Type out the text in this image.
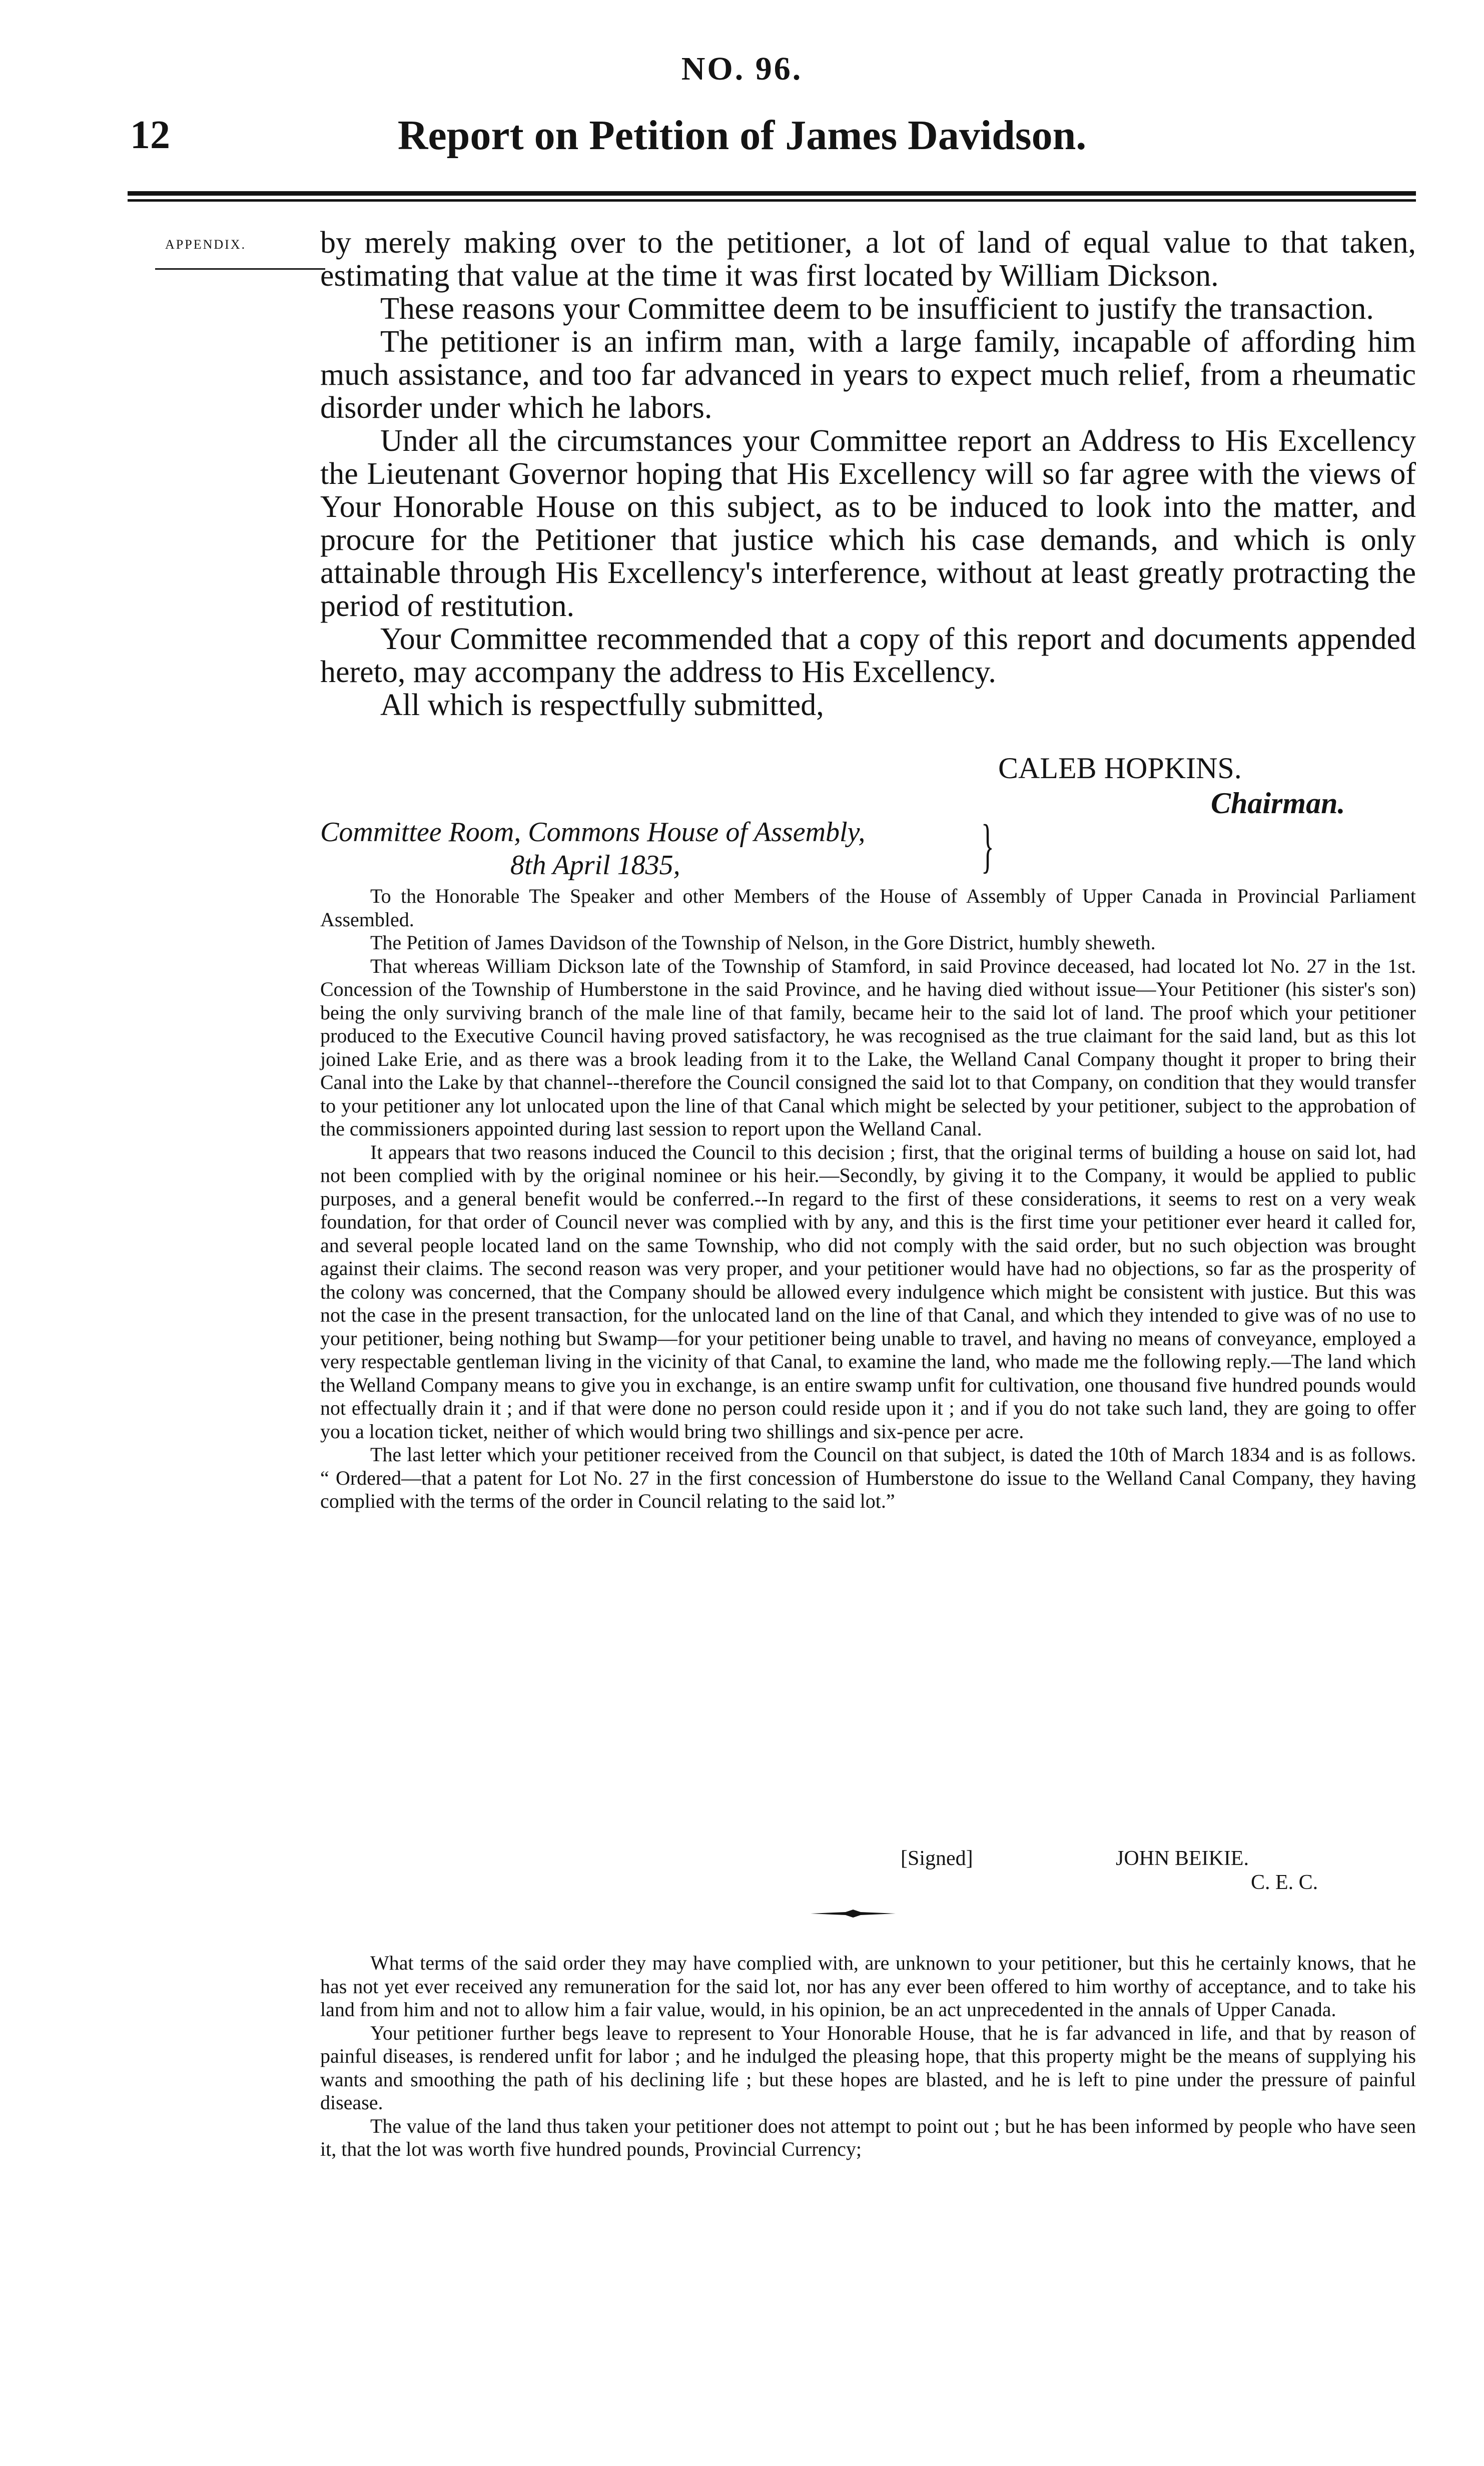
NO. 96.
12	Report on Petition of James Davidson.
APPENDIX. by merely making over to the petitioner, a lot of land of equal value to that taken, estimating that value at the time it was first located by William Dickson.

These reasons your Committee deem to be insufficient to justify the transaction.

The petitioner is an infirm man, with a large family, incapable of affording him much assistance, and too far advanced in years to expect much relief, from a rheumatic disorder under which he labors.

Under all the circumstances your Committee report an Address to His Excellency the Lieutenant Governor hoping that His Excellency will so far agree with the views of Your Honorable House on this subject, as to be induced to look into the matter, and procure for the Petitioner that justice which his case demands, and which is only attainable through His Excellency's interference, without at least greatly protracting the period of restitution.

Your Committee recommended that a copy of this report and documents appended hereto, may accompany the address to His Excellency.

All which is respectfully submitted,

CALEB HOPKINS.
Chairman.
Committee Room, Commons House of Assembly,
8th April 1835,	}

To the Honorable The Speaker and other Members of the House of Assembly of Upper Canada in Provincial Parliament Assembled.

The Petition of James Davidson of the Township of Nelson, in the Gore District, humbly sheweth.

That whereas William Dickson late of the Township of Stamford, in said Province deceased, had located lot No. 27 in the 1st. Concession of the Township of Humberstone in the said Province, and he having died without issue—Your Petitioner (his sister's son) being the only surviving branch of the male line of that family, became heir to the said lot of land. The proof which your petitioner produced to the Executive Council having proved satisfactory, he was recognised as the true claimant for the said land, but as this lot joined Lake Erie, and as there was a brook leading from it to the Lake, the Welland Canal Company thought it proper to bring their Canal into the Lake by that channel--therefore the Council consigned the said lot to that Company, on condition that they would transfer to your petitioner any lot unlocated upon the line of that Canal which might be selected by your petitioner, subject to the approbation of the commissioners appointed during last session to report upon the Welland Canal.

It appears that two reasons induced the Council to this decision ; first, that the original terms of building a house on said lot, had not been complied with by the original nominee or his heir.—Secondly, by giving it to the Company, it would be applied to public purposes, and a general benefit would be conferred.--In regard to the first of these considerations, it seems to rest on a very weak foundation, for that order of Council never was complied with by any, and this is the first time your petitioner ever heard it called for, and several people located land on the same Township, who did not comply with the said order, but no such objection was brought against their claims. The second reason was very proper, and your petitioner would have had no objections, so far as the prosperity of the colony was concerned, that the Company should be allowed every indulgence which might be consistent with justice. But this was not the case in the present transaction, for the unlocated land on the line of that Canal, and which they intended to give was of no use to your petitioner, being nothing but Swamp—for your petitioner being unable to travel, and having no means of conveyance, employed a very respectable gentleman living in the vicinity of that Canal, to examine the land, who made me the following reply.—The land which the Welland Company means to give you in exchange, is an entire swamp unfit for cultivation, one thousand five hundred pounds would not effectually drain it ; and if that were done no person could reside upon it ; and if you do not take such land, they are going to offer you a location ticket, neither of which would bring two shillings and six-pence per acre.

The last letter which your petitioner received from the Council on that subject, is dated the 10th of March 1834 and is as follows. “ Ordered—that a patent for Lot No. 27 in the first concession of Humberstone do issue to the Welland Canal Company, they having complied with the terms of the order in Council relating to the said lot.”

[Signed]	JOHN BEIKIE.
C. E. C.

What terms of the said order they may have complied with, are unknown to your petitioner, but this he certainly knows, that he has not yet ever received any remuneration for the said lot, nor has any ever been offered to him worthy of acceptance, and to take his land from him and not to allow him a fair value, would, in his opinion, be an act unprecedented in the annals of Upper Canada.

Your petitioner further begs leave to represent to Your Honorable House, that he is far advanced in life, and that by reason of painful diseases, is rendered unfit for labor ; and he indulged the pleasing hope, that this property might be the means of supplying his wants and smoothing the path of his declining life ; but these hopes are blasted, and he is left to pine under the pressure of painful disease.

The value of the land thus taken your petitioner does not attempt to point out ; but he has been informed by people who have seen it, that the lot was worth five hundred pounds, Provincial Currency;
